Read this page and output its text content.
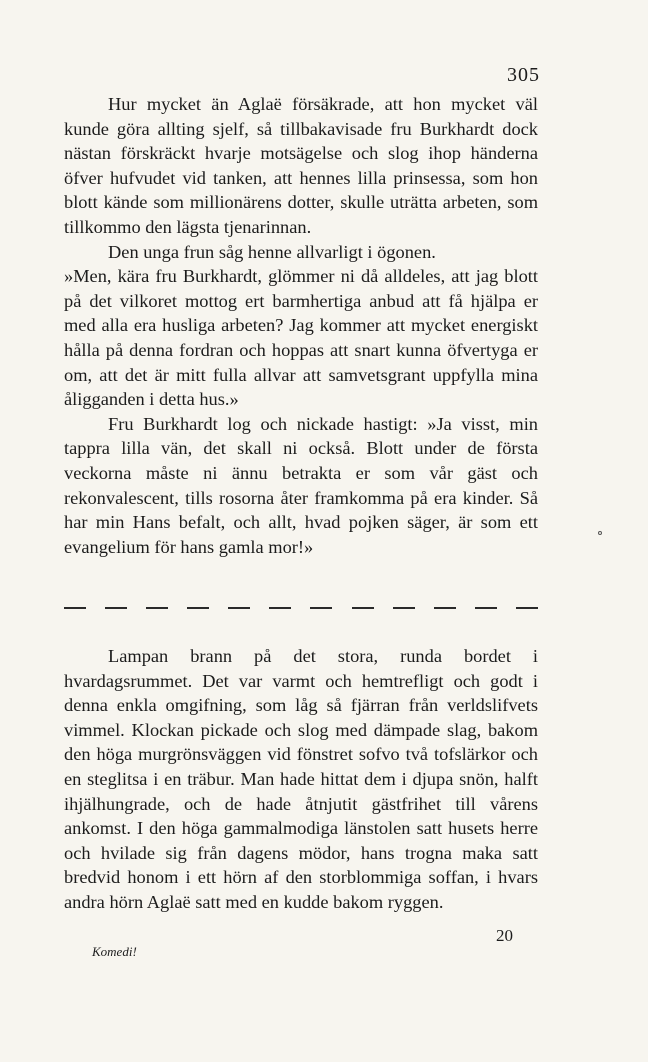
305

Hur mycket än Aglaë försäkrade, att hon mycket väl kunde göra allting sjelf, så tillbakavisade fru Burkhardt dock nästan förskräckt hvarje motsägelse och slog ihop händerna öfver hufvudet vid tanken, att hennes lilla prinsessa, som hon blott kände som millionärens dotter, skulle uträtta arbeten, som tillkommo den lägsta tjenarinnan.

Den unga frun såg henne allvarligt i ögonen.

»Men, kära fru Burkhardt, glömmer ni då alldeles, att jag blott på det vilkoret mottog ert barmhertiga anbud att få hjälpa er med alla era husliga arbeten? Jag kommer att mycket energiskt hålla på denna fordran och hoppas att snart kunna öfvertyga er om, att det är mitt fulla allvar att samvetsgrant uppfylla mina åligganden i detta hus.»

Fru Burkhardt log och nickade hastigt: »Ja visst, min tappra lilla vän, det skall ni också. Blott under de första veckorna måste ni ännu betrakta er som vår gäst och rekonvalescent, tills rosorna åter framkomma på era kinder. Så har min Hans befalt, och allt, hvad pojken säger, är som ett evangelium för hans gamla mor!»

Lampan brann på det stora, runda bordet i hvardagsrummet. Det var varmt och hemtrefligt och godt i denna enkla omgifning, som låg så fjärran från verldslifvets vimmel. Klockan pickade och slog med dämpade slag, bakom den höga murgrönsväggen vid fönstret sofvo två tofslärkor och en steglitsa i en träbur. Man hade hittat dem i djupa snön, halft ihjälhungrade, och de hade åtnjutit gästfrihet till vårens ankomst. I den höga gammalmodiga länstolen satt husets herre och hvilade sig från dagens mödor, hans trogna maka satt bredvid honom i ett hörn af den storblommiga soffan, i hvars andra hörn Aglaë satt med en kudde bakom ryggen.

Komedi!
20
